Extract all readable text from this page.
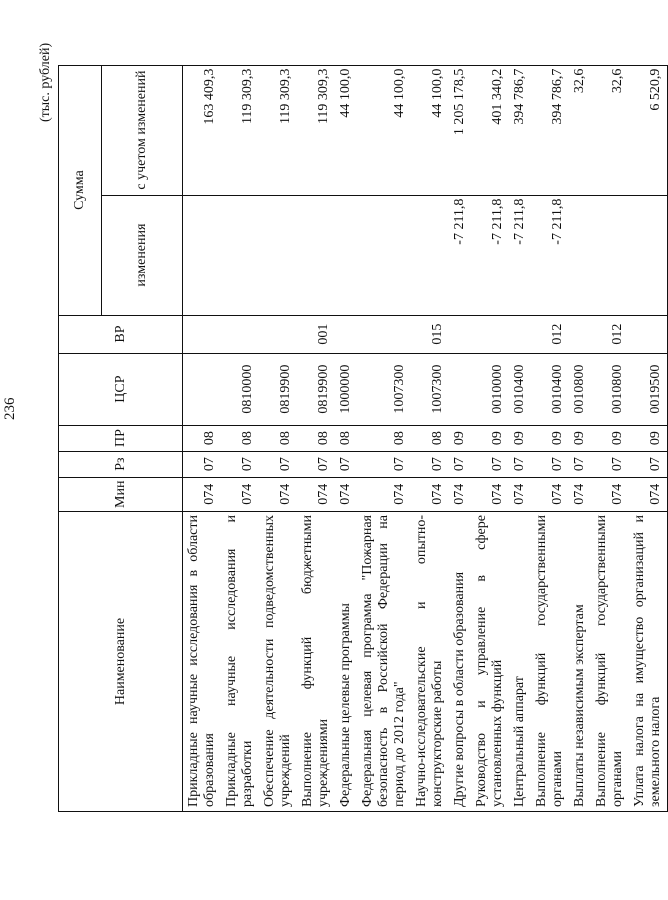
236
(тыс. рублей)
Наименование	Мин	Рз	ПР	ЦСР	ВР	Сумма	
						изменения	с учетом изменений
Прикладные научные исследования в области образования	074	07	08				163 409,3
Прикладные научные исследования и разработки	074	07	08	0810000			119 309,3
Обеспечение деятельности подведомственных учреждений	074	07	08	0819900			119 309,3
Выполнение функций бюджетными учреждениями	074	07	08	0819900	001		119 309,3
Федеральные целевые программы	074	07	08	1000000			44 100,0
Федеральная целевая программа "Пожарная безопасность в Российской Федерации на период до 2012 года"	074	07	08	1007300			44 100,0
Научно-исследовательские и опытно-конструкторские работы	074	07	08	1007300	015		44 100,0
Другие вопросы в области образования	074	07	09			-7 211,8	1 205 178,5
Руководство и управление в сфере установленных функций	074	07	09	0010000		-7 211,8	401 340,2
Центральный аппарат	074	07	09	0010400		-7 211,8	394 786,7
Выполнение функций государственными органами	074	07	09	0010400	012	-7 211,8	394 786,7
Выплаты независимым экспертам	074	07	09	0010800			32,6
Выполнение функций государственными органами	074	07	09	0010800	012		32,6
Уплата налога на имущество организаций и земельного налога	074	07	09	0019500			6 520,9
